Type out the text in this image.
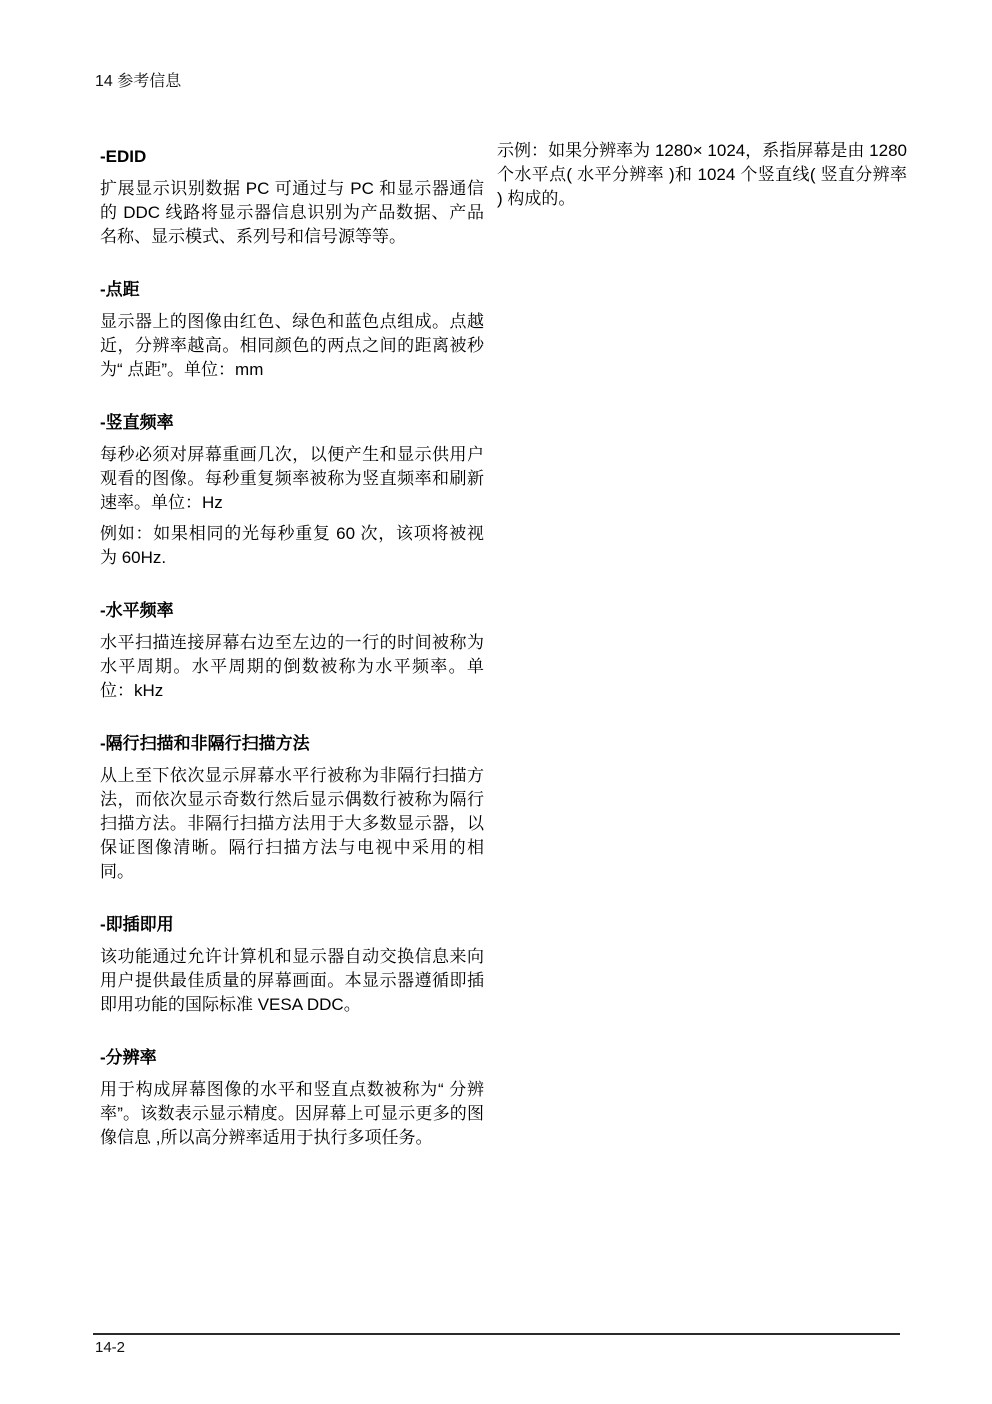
14 参考信息
-EDID

扩展显示识别数据 PC 可通过与 PC 和显示器通信的 DDC 线路将显示器信息识别为产品数据、产品名称、显示模式、系列号和信号源等等。

-点距

显示器上的图像由红色、绿色和蓝色点组成。点越近，分辨率越高。相同颜色的两点之间的距离被秒为“ 点距”。单位：mm

-竖直频率

每秒必须对屏幕重画几次，以便产生和显示供用户观看的图像。每秒重复频率被称为竖直频率和刷新速率。单位：Hz

例如：如果相同的光每秒重复 60 次，该项将被视为 60Hz.

-水平频率

水平扫描连接屏幕右边至左边的一行的时间被称为水平周期。水平周期的倒数被称为水平频率。单位：kHz

-隔行扫描和非隔行扫描方法

从上至下依次显示屏幕水平行被称为非隔行扫描方法，而依次显示奇数行然后显示偶数行被称为隔行扫描方法。非隔行扫描方法用于大多数显示器，以保证图像清晰。隔行扫描方法与电视中采用的相同。

-即插即用

该功能通过允许计算机和显示器自动交换信息来向用户提供最佳质量的屏幕画面。本显示器遵循即插即用功能的国际标准 VESA DDC。

-分辨率

用于构成屏幕图像的水平和竖直点数被称为“ 分辨率”。该数表示显示精度。因屏幕上可显示更多的图像信息 ,所以高分辨率适用于执行多项任务。

示例：如果分辨率为 1280× 1024，系指屏幕是由 1280 个水平点( 水平分辨率 )和 1024 个竖直线( 竖直分辨率 ) 构成的。

14-2
